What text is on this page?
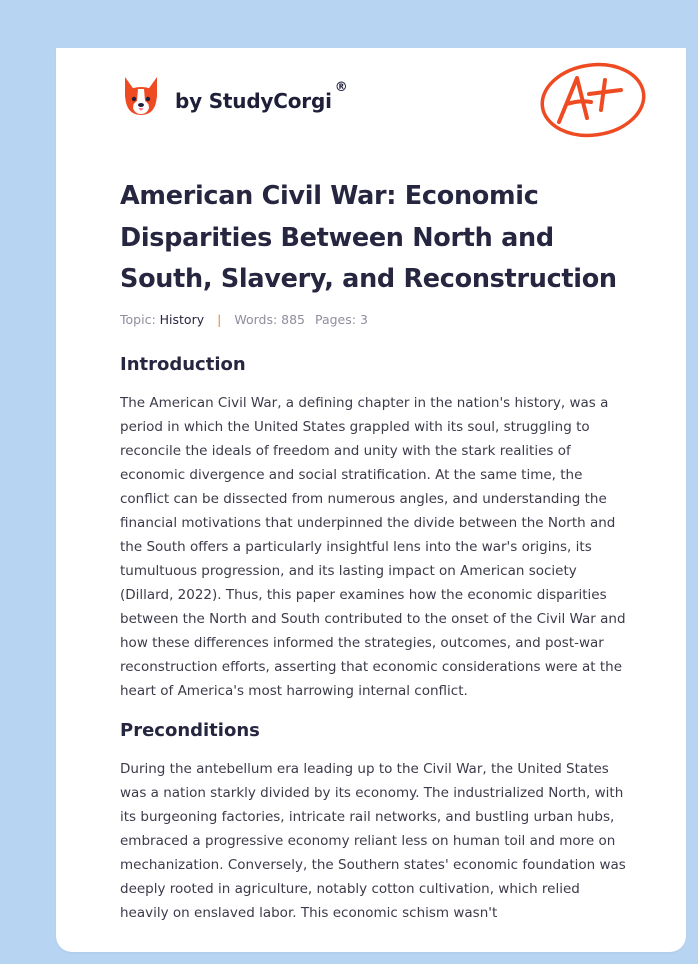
by StudyCorgi
®
American Civil War: Economic Disparities Between North and South, Slavery, and Reconstruction
Topic: History | Words: 885 Pages: 3
Introduction

The American Civil War, a defining chapter in the nation's history, was a period in which the United States grappled with its soul, struggling to reconcile the ideals of freedom and unity with the stark realities of economic divergence and social stratification. At the same time, the conflict can be dissected from numerous angles, and understanding the financial motivations that underpinned the divide between the North and the South offers a particularly insightful lens into the war's origins, its tumultuous progression, and its lasting impact on American society (Dillard, 2022). Thus, this paper examines how the economic disparities between the North and South contributed to the onset of the Civil War and how these differences informed the strategies, outcomes, and post-war reconstruction efforts, asserting that economic considerations were at the heart of America's most harrowing internal conflict.

Preconditions

During the antebellum era leading up to the Civil War, the United States was a nation starkly divided by its economy. The industrialized North, with its burgeoning factories, intricate rail networks, and bustling urban hubs, embraced a progressive economy reliant less on human toil and more on mechanization. Conversely, the Southern states' economic foundation was deeply rooted in agriculture, notably cotton cultivation, which relied heavily on enslaved labor. This economic schism wasn't
